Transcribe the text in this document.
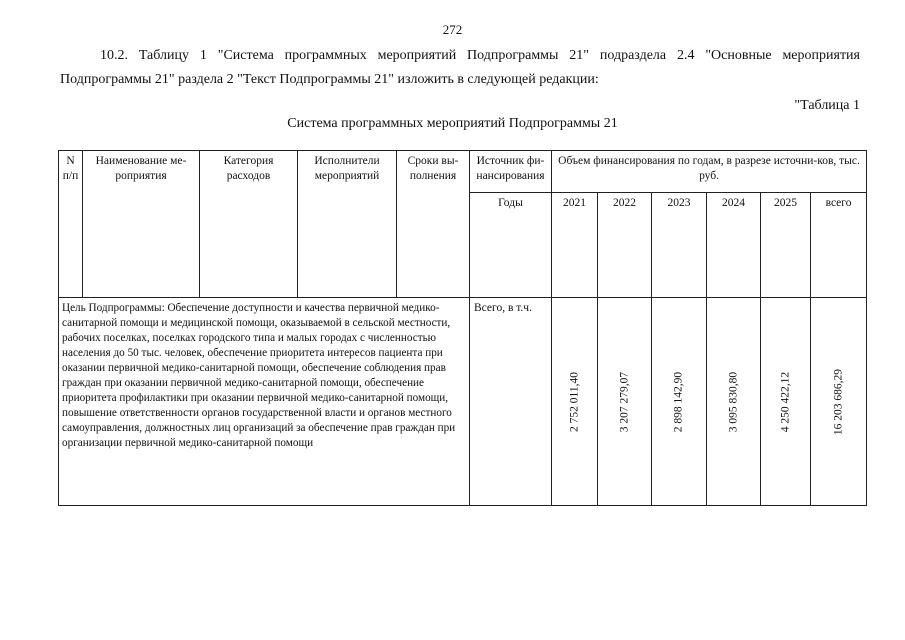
272
10.2. Таблицу 1 "Система программных мероприятий Подпрограммы 21" подраздела 2.4 "Основные мероприятия
Подпрограммы 21" раздела 2 "Текст Подпрограммы 21" изложить в следующей редакции:
"Таблица 1
Система программных мероприятий Подпрограммы 21
N п/п	Наименование ме-роприятия	Категория расходов	Исполнители мероприятий	Сроки вы-полнения	Источник фи-нансирования	Объем финансирования по годам, в разрезе источни-ков, тыс. руб.					
					Годы	2021	2022	2023	2024	2025	всего
Цель Подпрограммы: Обеспечение доступности и качества первичной медико-санитарной помощи и медицинской помощи, оказываемой в сельской местности, рабочих поселках, поселках городского типа и малых городах с численностью населения до 50 тыс. человек, обеспечение приоритета интересов пациента при оказании первичной медико-санитарной помощи, обеспечение соблюдения прав граждан при оказании первичной медико-санитарной помощи, обеспечение приоритета профилактики при оказании первичной медико-санитарной помощи, повышение ответственности органов государственной власти и органов местного самоуправления, должностных лиц организаций за обеспечение прав граждан при организации первичной медико-санитарной помощи					Всего, в т.ч.	2 752 011,40	3 207 279,07	2 898 142,90	3 095 830,80	4 250 422,12	16 203 686,29
